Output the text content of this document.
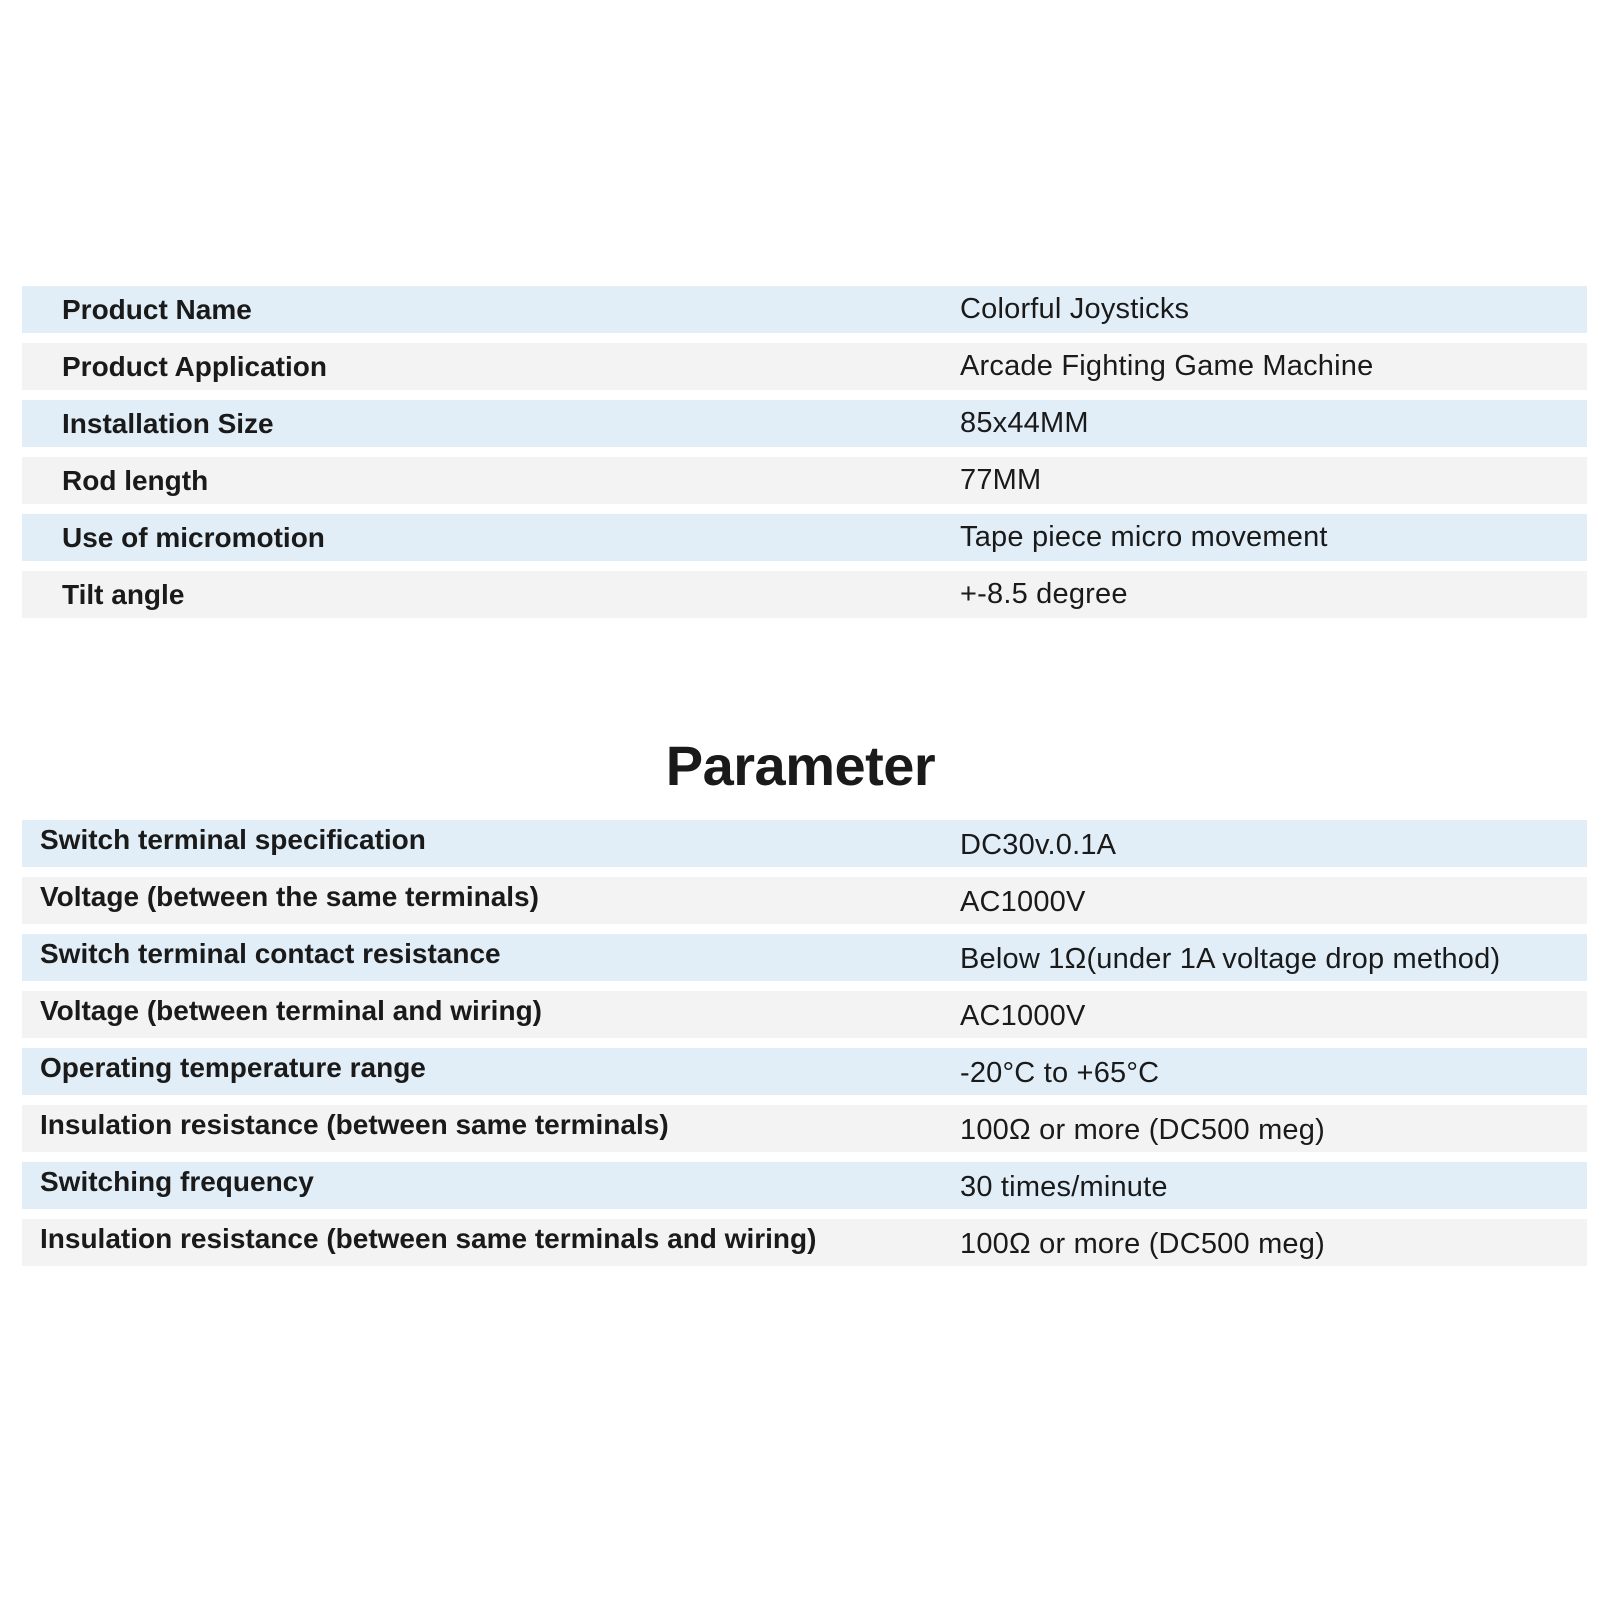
Product Name	Colorful Joysticks
Product Application	Arcade Fighting Game Machine
Installation Size	85x44MM
Rod length	77MM
Use of micromotion	Tape piece micro movement
Tilt angle	+-8.5 degree
Parameter
Switch terminal specification	DC30v.0.1A
Voltage (between the same terminals)	AC1000V
Switch terminal contact resistance	Below 1Ω(under 1A voltage drop method)
Voltage (between terminal and wiring)	AC1000V
Operating temperature range	-20°C to +65°C
Insulation resistance (between same terminals)	100Ω or more (DC500 meg)
Switching frequency	30 times/minute
Insulation resistance (between same terminals and wiring)	100Ω or more (DC500 meg)
